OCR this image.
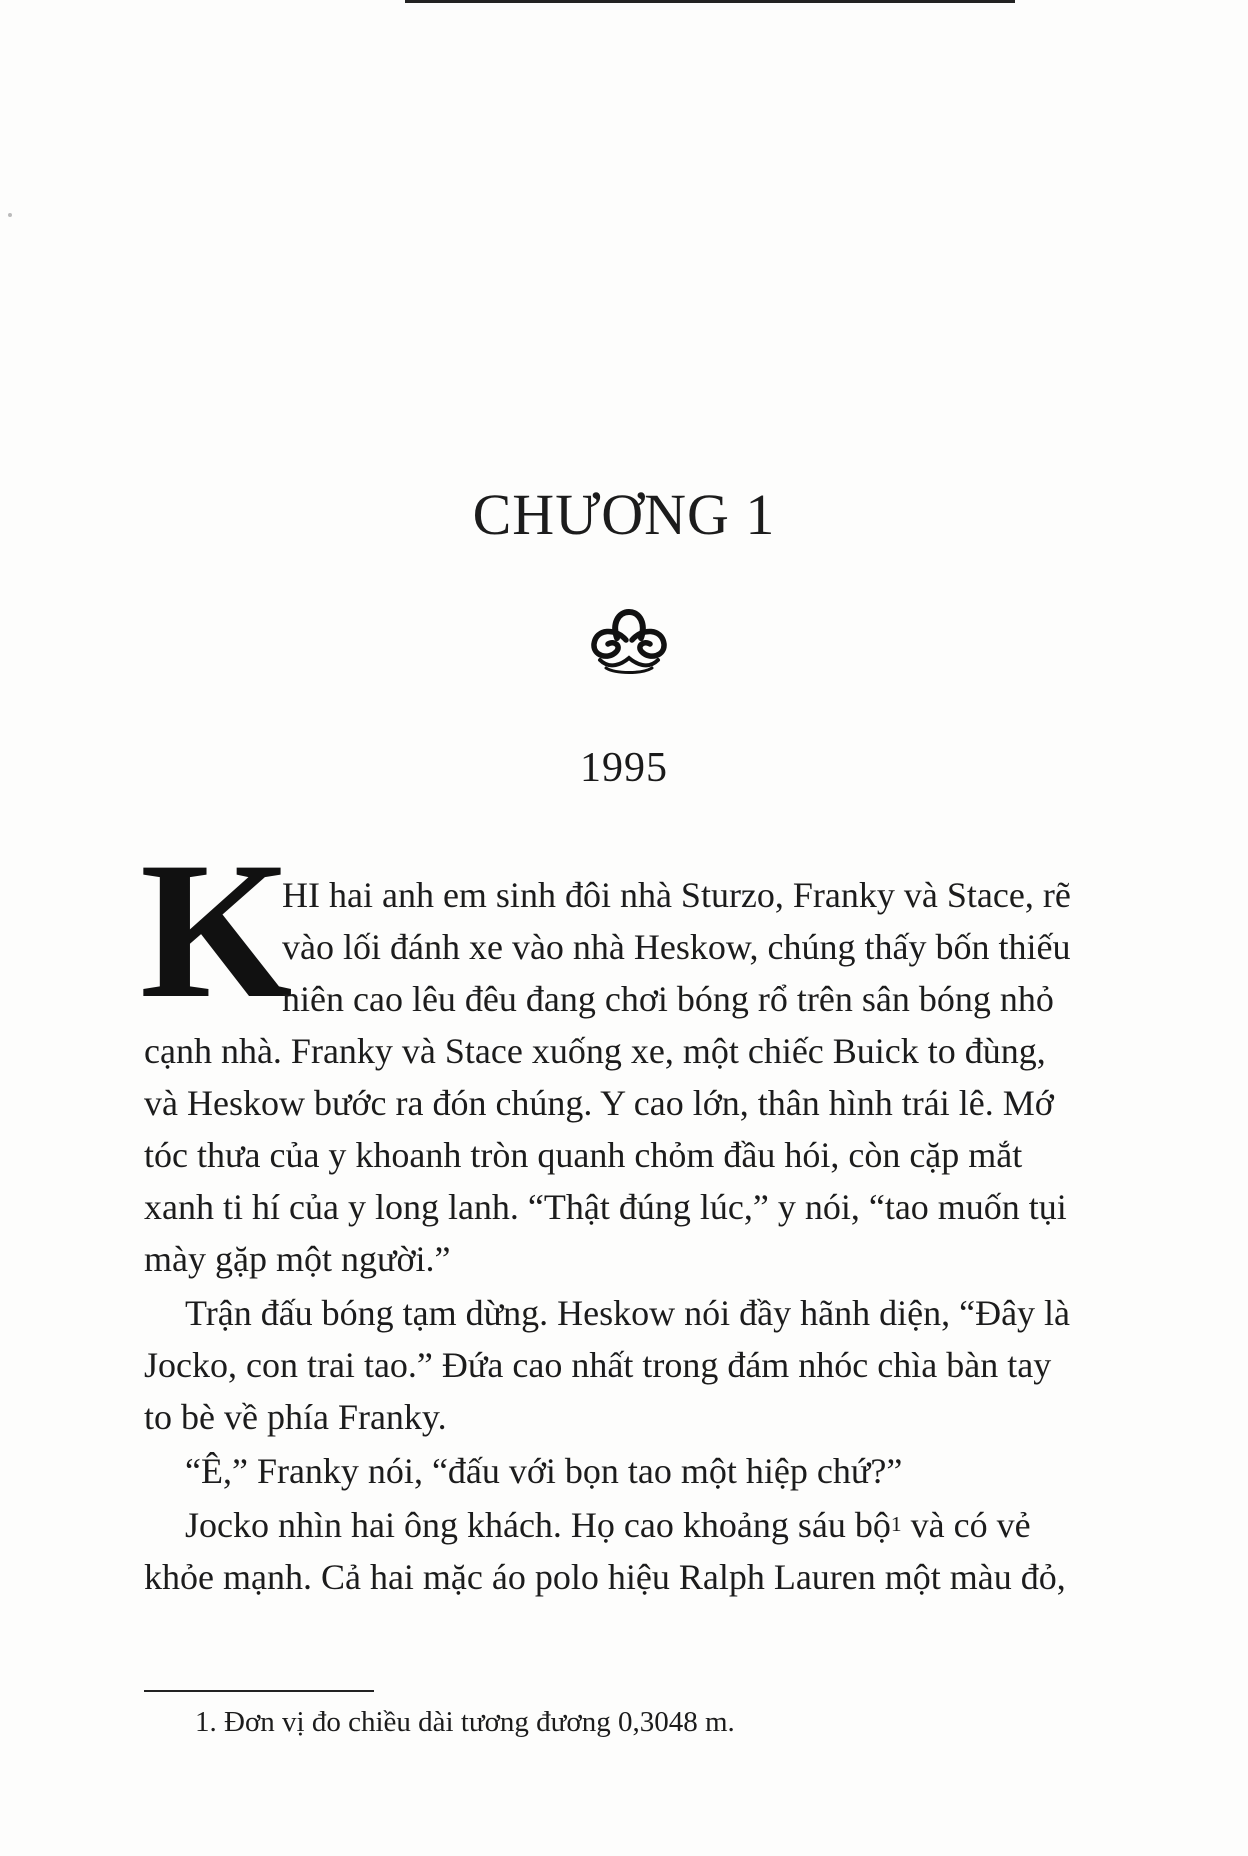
CHƯƠNG 1
1995
K
HI hai anh em sinh đôi nhà Sturzo, Franky và Stace, rẽ
vào lối đánh xe vào nhà Heskow, chúng thấy bốn thiếu
niên cao lêu đêu đang chơi bóng rổ trên sân bóng nhỏ
cạnh nhà. Franky và Stace xuống xe, một chiếc Buick to đùng,
và Heskow bước ra đón chúng. Y cao lớn, thân hình trái lê. Mớ
tóc thưa của y khoanh tròn quanh chỏm đầu hói, còn cặp mắt
xanh ti hí của y long lanh. “Thật đúng lúc,” y nói, “tao muốn tụi
mày gặp một người.”
Trận đấu bóng tạm dừng. Heskow nói đầy hãnh diện, “Đây là
Jocko, con trai tao.” Đứa cao nhất trong đám nhóc chìa bàn tay
to bè về phía Franky.
“Ê,” Franky nói, “đấu với bọn tao một hiệp chứ?”
Jocko nhìn hai ông khách. Họ cao khoảng sáu bộ$^1$ và có vẻ
khỏe mạnh. Cả hai mặc áo polo hiệu Ralph Lauren một màu đỏ,
1. Đơn vị đo chiều dài tương đương 0,3048 m.
